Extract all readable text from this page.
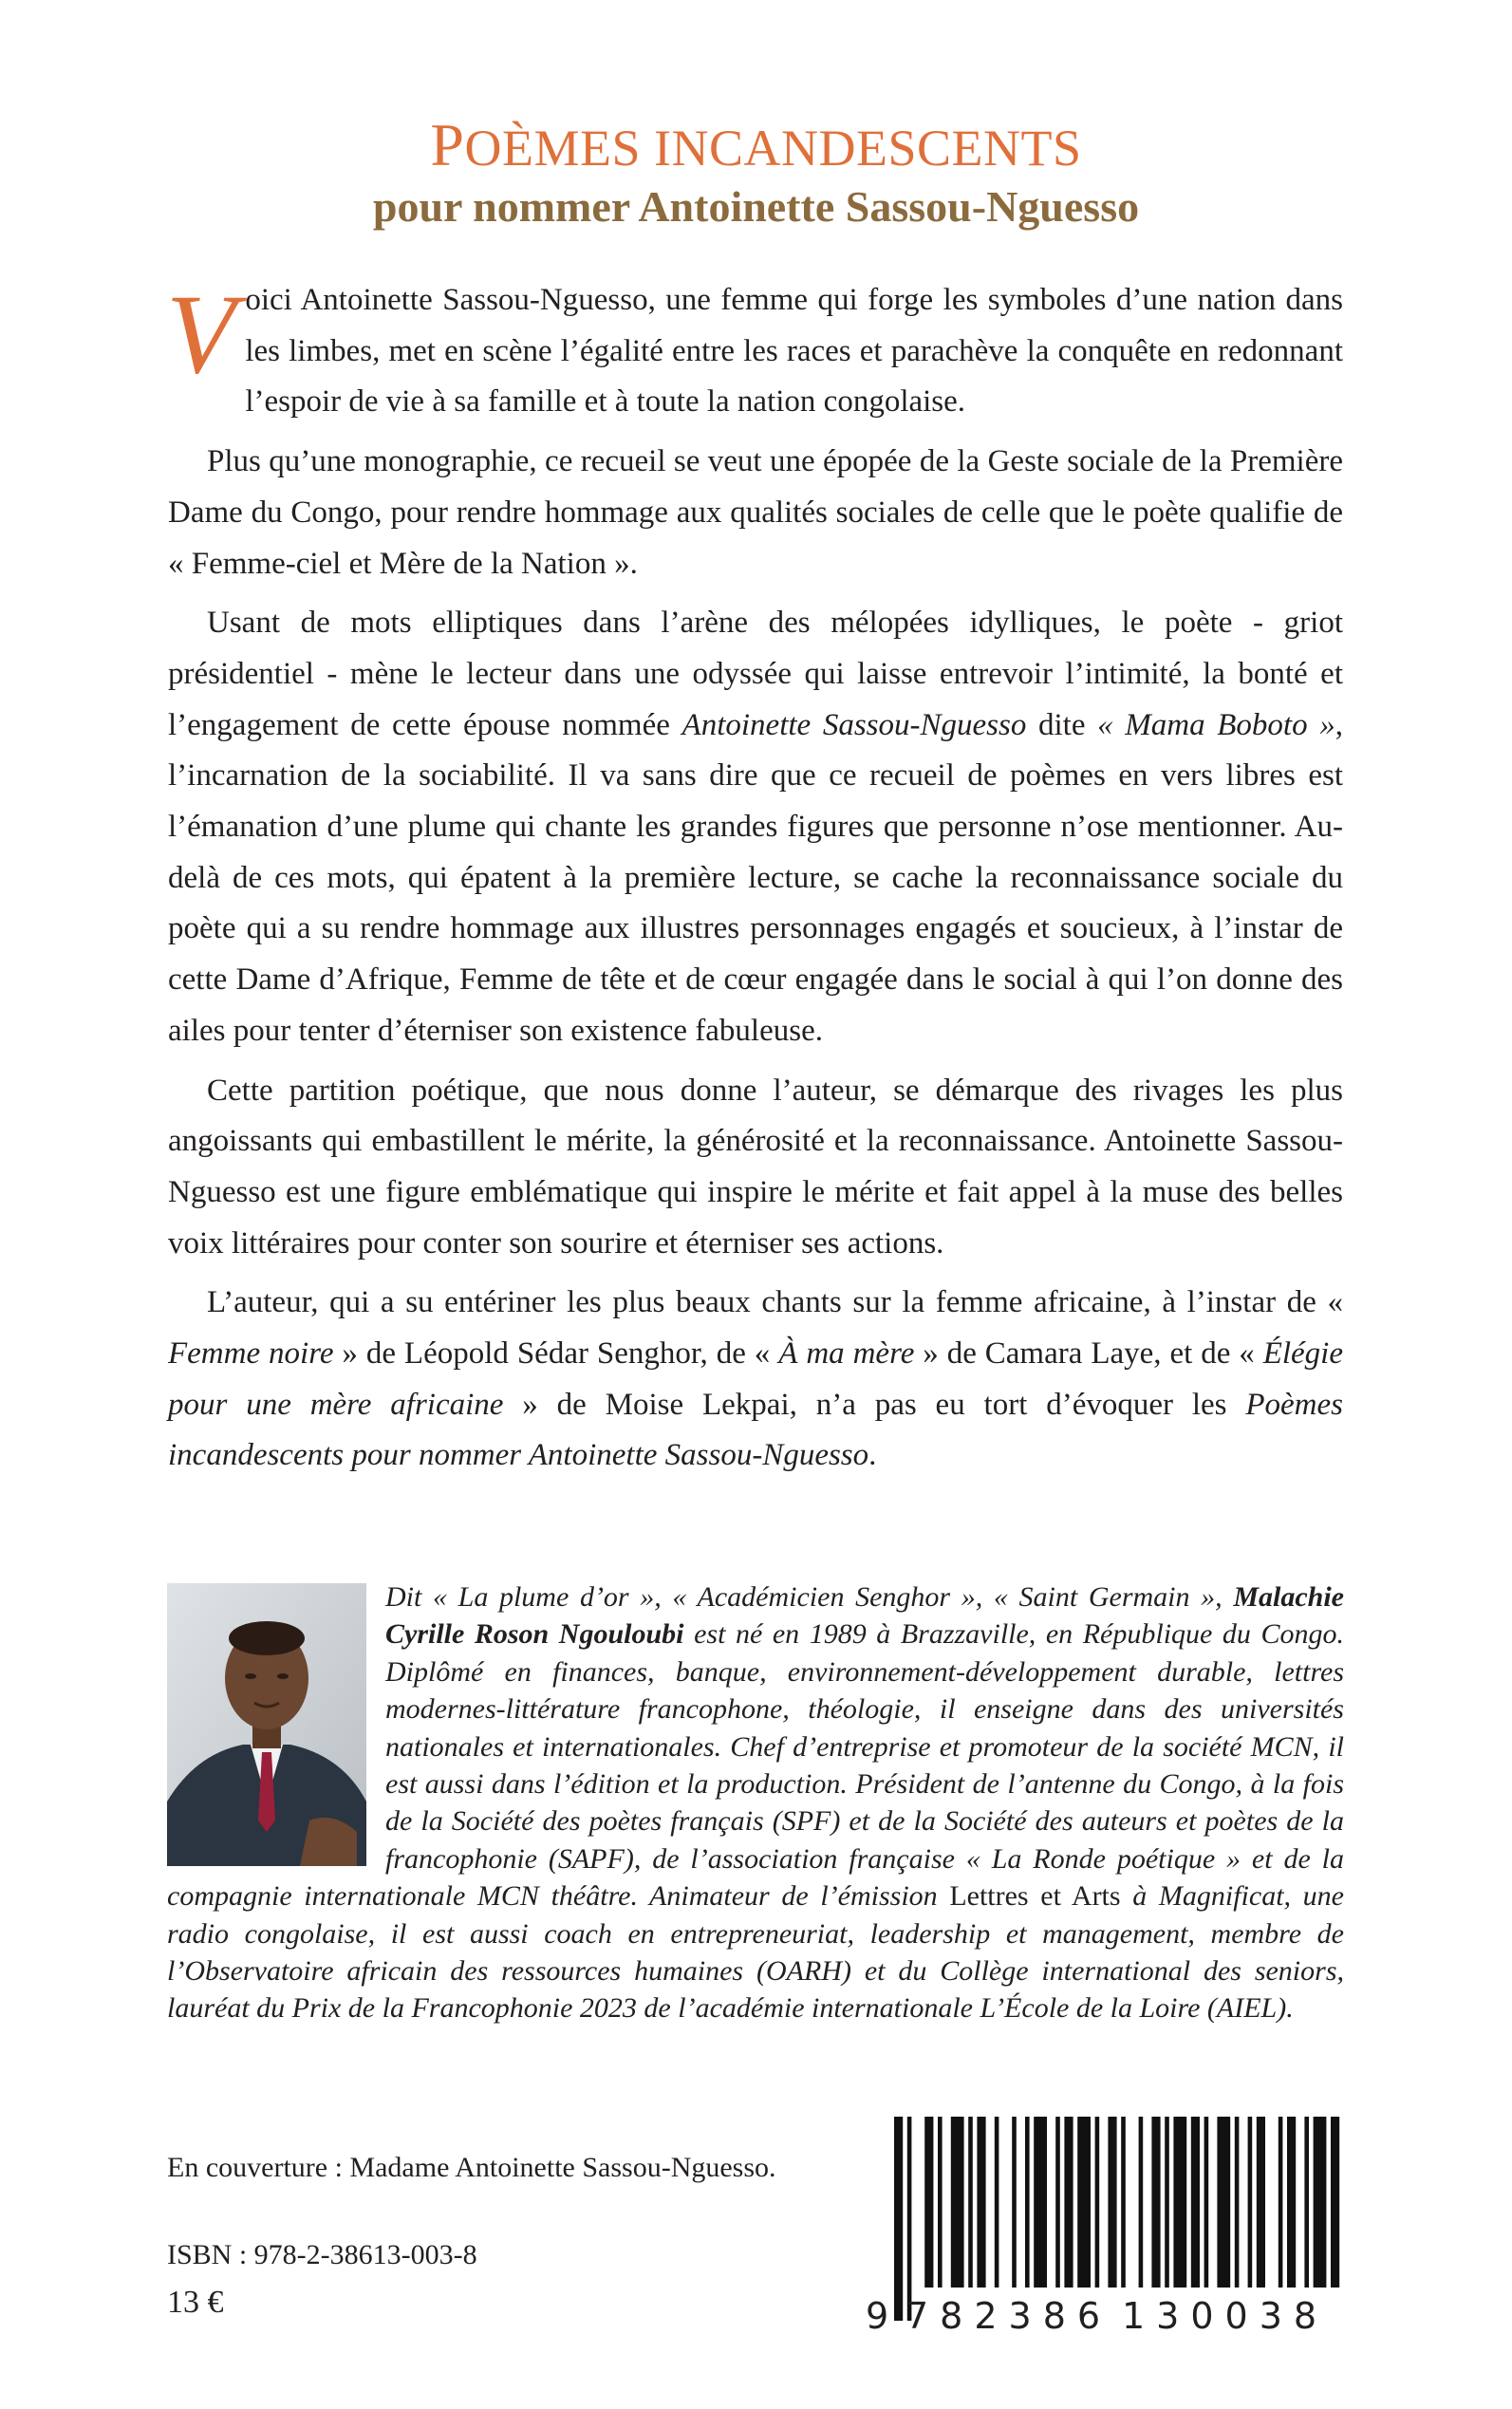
POÈMES INCANDESCENTS
pour nommer Antoinette Sassou-Nguesso

Voici Antoinette Sassou-Nguesso, une femme qui forge les symboles d’une nation dans les limbes, met en scène l’égalité entre les races et parachève la conquête en redonnant l’espoir de vie à sa famille et à toute la nation congolaise.

Plus qu’une monographie, ce recueil se veut une épopée de la Geste sociale de la Première Dame du Congo, pour rendre hommage aux qualités sociales de celle que le poète qualifie de « Femme-ciel et Mère de la Nation ».

Usant de mots elliptiques dans l’arène des mélopées idylliques, le poète - griot présidentiel - mène le lecteur dans une odyssée qui laisse entrevoir l’intimité, la bonté et l’engagement de cette épouse nommée Antoinette Sassou-Nguesso dite « Mama Boboto », l’incarnation de la sociabilité. Il va sans dire que ce recueil de poèmes en vers libres est l’émanation d’une plume qui chante les grandes figures que personne n’ose mentionner. Au-delà de ces mots, qui épatent à la première lecture, se cache la reconnaissance sociale du poète qui a su rendre hommage aux illustres personnages engagés et soucieux, à l’instar de cette Dame d’Afrique, Femme de tête et de cœur engagée dans le social à qui l’on donne des ailes pour tenter d’éterniser son existence fabuleuse.

Cette partition poétique, que nous donne l’auteur, se démarque des rivages les plus angoissants qui embastillent le mérite, la générosité et la reconnaissance. Antoinette Sassou-Nguesso est une figure emblématique qui inspire le mérite et fait appel à la muse des belles voix littéraires pour conter son sourire et éterniser ses actions.

L’auteur, qui a su entériner les plus beaux chants sur la femme africaine, à l’instar de « Femme noire » de Léopold Sédar Senghor, de « À ma mère » de Camara Laye, et de « Élégie pour une mère africaine » de Moise Lekpai, n’a pas eu tort d’évoquer les Poèmes incandescents pour nommer Antoinette Sassou-Nguesso.

Dit « La plume d’or », « Académicien Senghor », « Saint Germain », Malachie Cyrille Roson Ngouloubi est né en 1989 à Brazzaville, en République du Congo. Diplômé en finances, banque, environnement-développement durable, lettres modernes-littérature francophone, théologie, il enseigne dans des universités nationales et internationales. Chef d’entreprise et promoteur de la société MCN, il est aussi dans l’édition et la production. Président de l’antenne du Congo, à la fois de la Société des poètes français (SPF) et de la Société des auteurs et poètes de la francophonie (SAPF), de l’association française « La Ronde poétique » et de la compagnie internationale MCN théâtre. Animateur de l’émission Lettres et Arts à Magnificat, une radio congolaise, il est aussi coach en entrepreneuriat, leadership et management, membre de l’Observatoire africain des ressources humaines (OARH) et du Collège international des seniors, lauréat du Prix de la Francophonie 2023 de l’académie internationale L’École de la Loire (AIEL).
En couverture : Madame Antoinette Sassou-Nguesso.
ISBN : 978-2-38613-003-8
13 €	9 782386 130038
